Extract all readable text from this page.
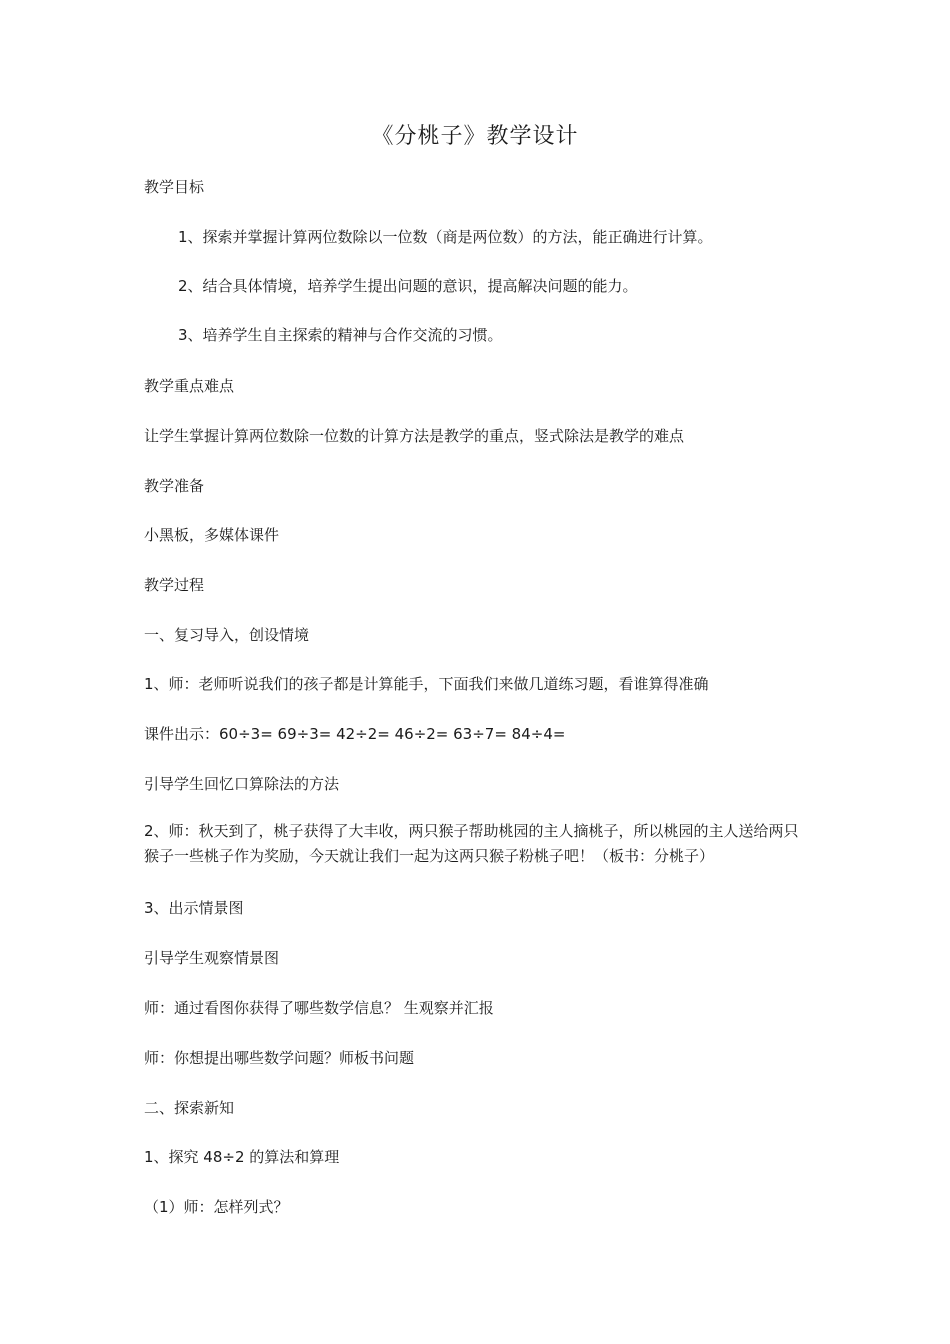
《分桃子》教学设计
教学目标
1、探索并掌握计算两位数除以一位数（商是两位数）的方法，能正确进行计算。
2、结合具体情境，培养学生提出问题的意识，提高解决问题的能力。
3、培养学生自主探索的精神与合作交流的习惯。
教学重点难点
让学生掌握计算两位数除一位数的计算方法是教学的重点，竖式除法是教学的难点
教学准备
小黑板，多媒体课件
教学过程
一、复习导入，创设情境
1、师：老师听说我们的孩子都是计算能手，下面我们来做几道练习题，看谁算得准确
课件出示：60÷3= 69÷3= 42÷2= 46÷2= 63÷7= 84÷4=
引导学生回忆口算除法的方法
2、师：秋天到了，桃子获得了大丰收，两只猴子帮助桃园的主人摘桃子，所以桃园的主人送给两只猴子一些桃子作为奖励，今天就让我们一起为这两只猴子粉桃子吧！（板书：分桃子）
3、出示情景图
引导学生观察情景图
师：通过看图你获得了哪些数学信息？ 生观察并汇报
师：你想提出哪些数学问题？师板书问题
二、探索新知
1、探究 48÷2 的算法和算理
（1）师：怎样列式？
